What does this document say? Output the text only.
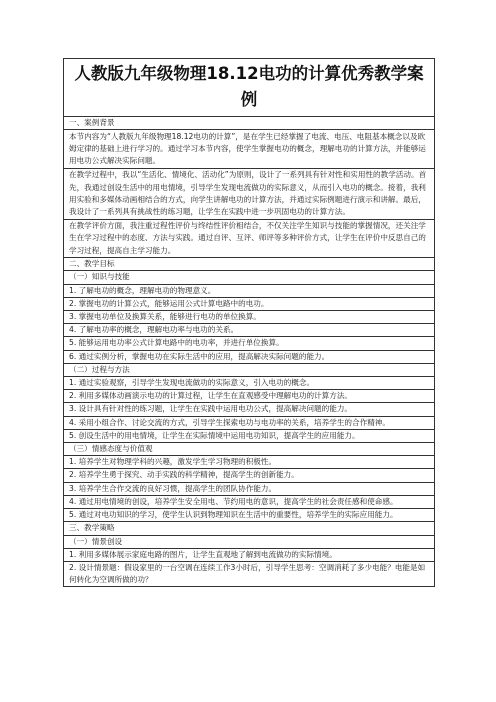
人教版九年级物理18.12电功的计算优秀教学案例
一、案例背景
本节内容为“人教版九年级物理18.12电功的计算”，是在学生已经掌握了电流、电压、电阻基本概念以及欧姆定律的基础上进行学习的。通过学习本节内容，使学生掌握电功的概念，理解电功的计算方法，并能够运用电功公式解决实际问题。
在教学过程中，我以“生活化、情境化、活动化”为原则，设计了一系列具有针对性和实用性的教学活动。首先，我通过创设生活中的用电情境，引导学生发现电流做功的实际意义，从而引入电功的概念。接着，我利用实验和多媒体动画相结合的方式，向学生讲解电功的计算方法，并通过实际例题进行演示和讲解。最后，我设计了一系列具有挑战性的练习题，让学生在实践中进一步巩固电功的计算方法。
在教学评价方面，我注重过程性评价与终结性评价相结合，不仅关注学生知识与技能的掌握情况，还关注学生在学习过程中的态度、方法与实践。通过自评、互评、师评等多种评价方式，让学生在评价中反思自己的学习过程，提高自主学习能力。
二、教学目标
（一）知识与技能
1. 了解电功的概念，理解电功的物理意义。
2. 掌握电功的计算公式，能够运用公式计算电路中的电功。
3. 掌握电功单位及换算关系，能够进行电功的单位换算。
4. 了解电功率的概念，理解电功率与电功的关系。
5. 能够运用电功率公式计算电路中的电功率，并进行单位换算。
6. 通过实例分析，掌握电功在实际生活中的应用，提高解决实际问题的能力。
（二）过程与方法
1. 通过实验观察，引导学生发现电流做功的实际意义，引入电功的概念。
2. 利用多媒体动画演示电功的计算过程，让学生在直观感受中理解电功的计算方法。
3. 设计具有针对性的练习题，让学生在实践中运用电功公式，提高解决问题的能力。
4. 采用小组合作、讨论交流的方式，引导学生探索电功与电功率的关系，培养学生的合作精神。
5. 创设生活中的用电情境，让学生在实际情境中运用电功知识，提高学生的应用能力。
（三）情感态度与价值观
1. 培养学生对物理学科的兴趣，激发学生学习物理的积极性。
2. 培养学生勇于探究、动手实践的科学精神，提高学生的创新能力。
3. 培养学生合作交流的良好习惯，提高学生的团队协作能力。
4. 通过用电情境的创设，培养学生安全用电、节约用电的意识，提高学生的社会责任感和使命感。
5. 通过对电功知识的学习，使学生认识到物理知识在生活中的重要性，培养学生的实际应用能力。
三、教学策略
（一）情景创设
1. 利用多媒体展示家庭电路的图片，让学生直观地了解到电流做功的实际情境。
2. 设计情景题：假设家里的一台空调在连续工作3小时后，引导学生思考：空调消耗了多少电能？电能是如何转化为空调所做的功？
